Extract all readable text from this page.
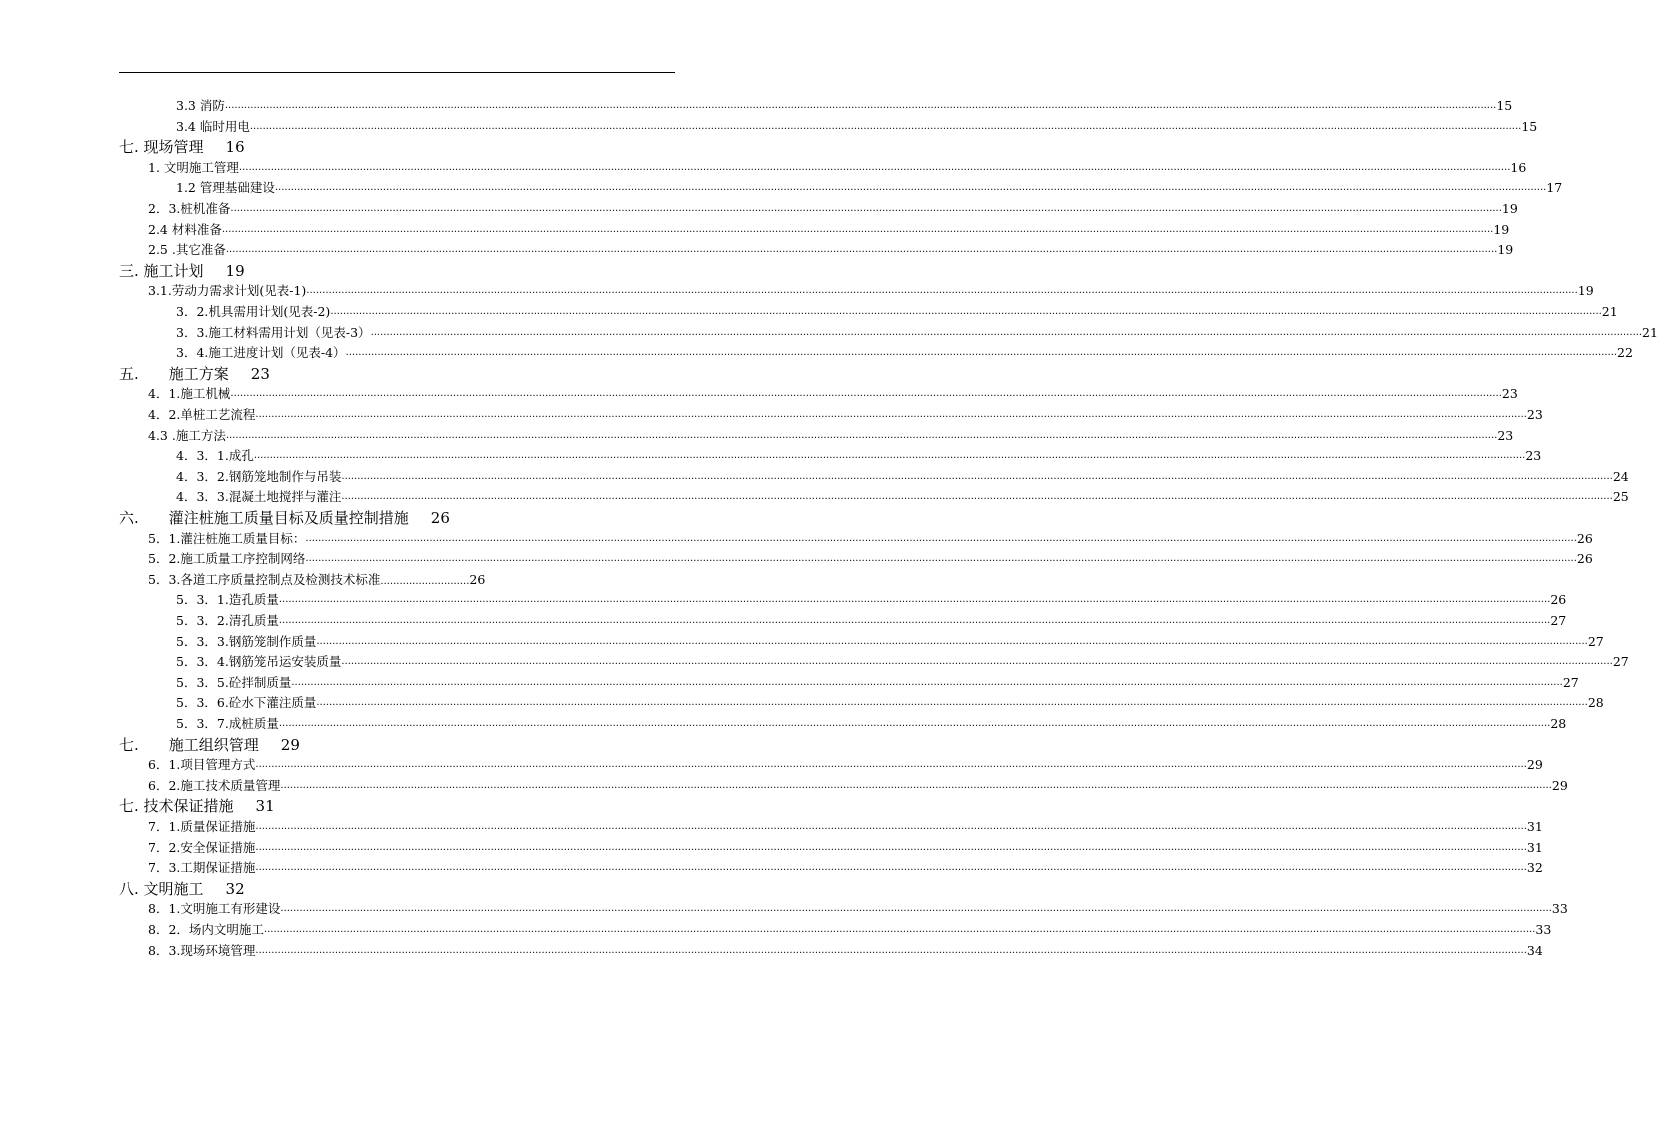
3.3 消防 ................................................................................................................................................................................................................................................................................................................................................................................................................ 15
3.4 临时用电 ................................................................................................................................................................................................................................................................................................................................................................................................................ 15
七. 现场管理 16
1. 文明施工管理 ................................................................................................................................................................................................................................................................................................................................................................................................................ 16
1.2 管理基础建设 ................................................................................................................................................................................................................................................................................................................................................................................................................ 17
2．3.桩机准备 ................................................................................................................................................................................................................................................................................................................................................................................................................ 19
2.4 材料准备 ................................................................................................................................................................................................................................................................................................................................................................................................................ 19
2.5 .其它准备 ................................................................................................................................................................................................................................................................................................................................................................................................................ 19
三. 施工计划 19
3.1.劳动力需求计划(见表-1) ................................................................................................................................................................................................................................................................................................................................................................................................................ 19
3．2.机具需用计划(见表-2) ................................................................................................................................................................................................................................................................................................................................................................................................................ 21
3．3.施工材料需用计划（见表-3） ................................................................................................................................................................................................................................................................................................................................................................................................................ 21
3．4.施工进度计划（见表-4） ................................................................................................................................................................................................................................................................................................................................................................................................................ 22
五. 施工方案 23
4．1.施工机械 ................................................................................................................................................................................................................................................................................................................................................................................................................ 23
4．2.单桩工艺流程 ................................................................................................................................................................................................................................................................................................................................................................................................................ 23
4.3 .施工方法 ................................................................................................................................................................................................................................................................................................................................................................................................................ 23
4．3．1.成孔 ................................................................................................................................................................................................................................................................................................................................................................................................................ 23
4．3．2.钢筋笼地制作与吊装 ................................................................................................................................................................................................................................................................................................................................................................................................................ 24
4．3．3.混凝土地搅拌与灌注 ................................................................................................................................................................................................................................................................................................................................................................................................................ 25
六. 灌注桩施工质量目标及质量控制措施 26
5．1.灌注桩施工质量目标： ................................................................................................................................................................................................................................................................................................................................................................................................................ 26
5．2.施工质量工序控制网络 ................................................................................................................................................................................................................................................................................................................................................................................................................ 26
5．3.各道工序质量控制点及检测技术标准............................26
5．3．1.造孔质量 ................................................................................................................................................................................................................................................................................................................................................................................................................ 26
5．3．2.清孔质量 ................................................................................................................................................................................................................................................................................................................................................................................................................ 27
5．3．3.钢筋笼制作质量 ................................................................................................................................................................................................................................................................................................................................................................................................................ 27
5．3．4.钢筋笼吊运安装质量 ................................................................................................................................................................................................................................................................................................................................................................................................................ 27
5．3．5.砼拌制质量 ................................................................................................................................................................................................................................................................................................................................................................................................................ 27
5．3．6.砼水下灌注质量 ................................................................................................................................................................................................................................................................................................................................................................................................................ 28
5．3．7.成桩质量 ................................................................................................................................................................................................................................................................................................................................................................................................................ 28
七. 施工组织管理 29
6．1.项目管理方式 ................................................................................................................................................................................................................................................................................................................................................................................................................ 29
6．2.施工技术质量管理 ................................................................................................................................................................................................................................................................................................................................................................................................................ 29
七. 技术保证措施 31
7．1.质量保证措施 ................................................................................................................................................................................................................................................................................................................................................................................................................ 31
7．2.安全保证措施 ................................................................................................................................................................................................................................................................................................................................................................................................................ 31
7．3.工期保证措施 ................................................................................................................................................................................................................................................................................................................................................................................................................ 32
八. 文明施工 32
8．1.文明施工有形建设 ................................................................................................................................................................................................................................................................................................................................................................................................................ 33
8．2．场内文明施工 ................................................................................................................................................................................................................................................................................................................................................................................................................ 33
8．3.现场环境管理 ................................................................................................................................................................................................................................................................................................................................................................................................................ 34
